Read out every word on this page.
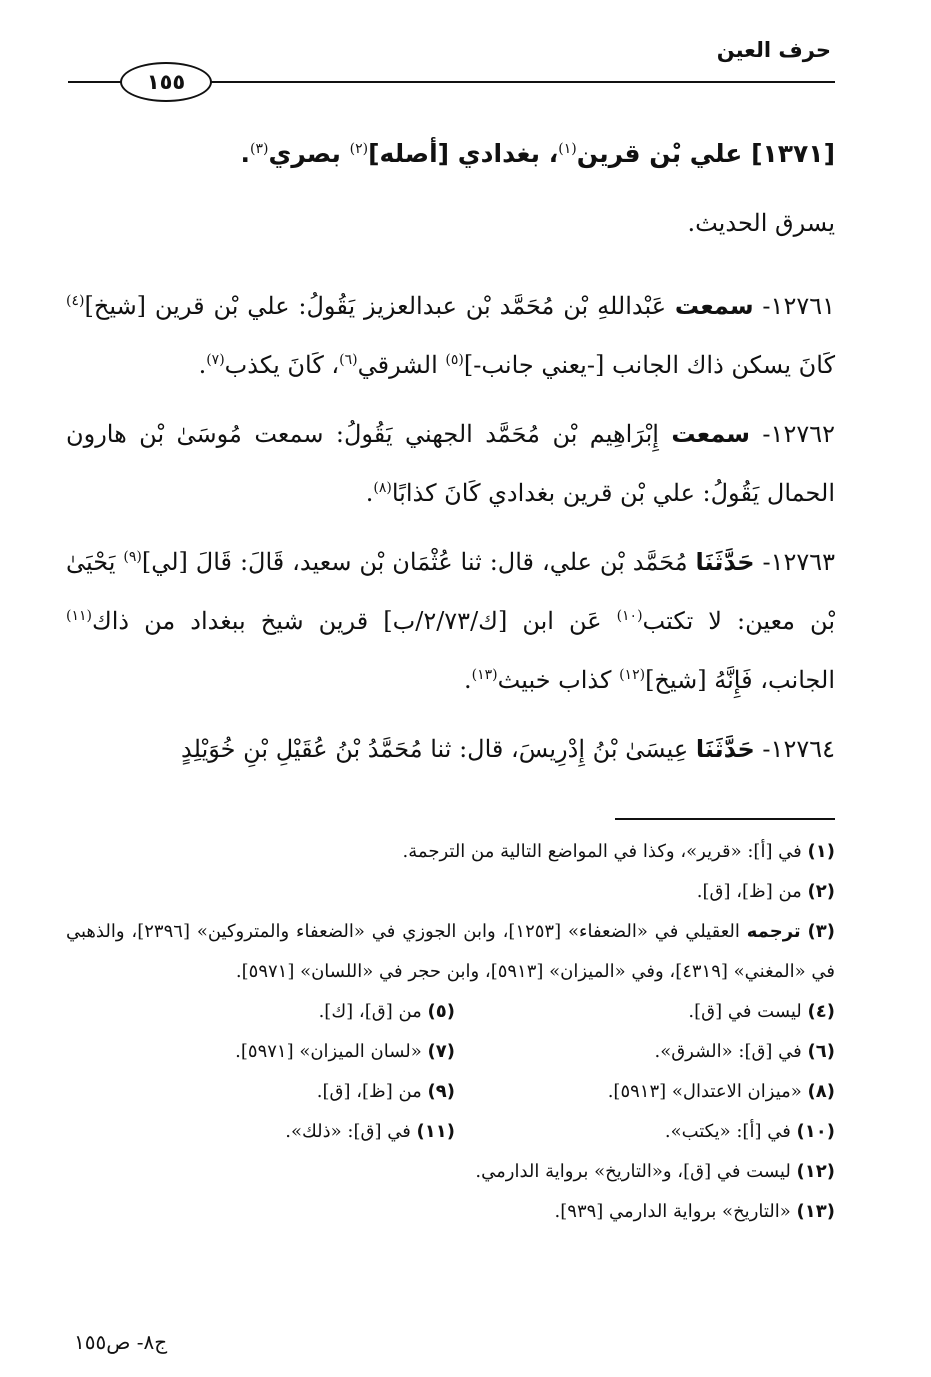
حرف العين
١٥٥

[١٣٧١] علي بْن قرين$^{(١)}$، بغدادي [أصله]$^{(٢)}$ بصري$^{(٣)}$.

يسرق الحديث.

١٢٧٦١- سمعت عَبْداللهِ بْن مُحَمَّد بْن عبدالعزيز يَقُولُ: علي بْن قرين [شيخ]$^{(٤)}$ كَانَ يسكن ذاك الجانب [-يعني جانب-]$^{(٥)}$ الشرقي$^{(٦)}$، كَانَ يكذب$^{(٧)}$.

١٢٧٦٢- سمعت إِبْرَاهِيم بْن مُحَمَّد الجهني يَقُولُ: سمعت مُوسَىٰ بْن هارون الحمال يَقُولُ: علي بْن قرين بغدادي كَانَ كذابًا$^{(٨)}$.

١٢٧٦٣- حَدَّثَنَا مُحَمَّد بْن علي، قال: ثنا عُثْمَان بْن سعيد، قَالَ: قَالَ [لي]$^{(٩)}$ يَحْيَىٰ بْن معين: لا تكتب$^{(١٠)}$ عَن ابن [ك/٢/٧٣/ب] قرين شيخ ببغداد من ذاك$^{(١١)}$ الجانب، فَإِنَّهُ [شيخ]$^{(١٢)}$ كذاب خبيث$^{(١٣)}$.

١٢٧٦٤- حَدَّثَنَا عِيسَىٰ بْنُ إِدْرِيسَ، قال: ثنا مُحَمَّدُ بْنُ عُقَيْلِ بْنِ خُوَيْلِدٍ

(١) في [أ]: «قرير»، وكذا في المواضع التالية من الترجمة.

(٢) من [ظ]، [ق].

(٣) ترجمه العقيلي في «الضعفاء» [١٢٥٣]، وابن الجوزي في «الضعفاء والمتروكين» [٢٣٩٦]، والذهبي في «المغني» [٤٣١٩]، وفي «الميزان» [٥٩١٣]، وابن حجر في «اللسان» [٥٩٧١].

(٤) ليست في [ق].
(٥) من [ق]، [ك].
(٦) في [ق]: «الشرق».
(٧) «لسان الميزان» [٥٩٧١].
(٨) «ميزان الاعتدال» [٥٩١٣].
(٩) من [ظ]، [ق].
(١٠) في [أ]: «يكتب».
(١١) في [ق]: «ذلك».

(١٢) ليست في [ق]، و«التاريخ» برواية الدارمي.

(١٣) «التاريخ» برواية الدارمي [٩٣٩].

ج٨- ص١٥٥
